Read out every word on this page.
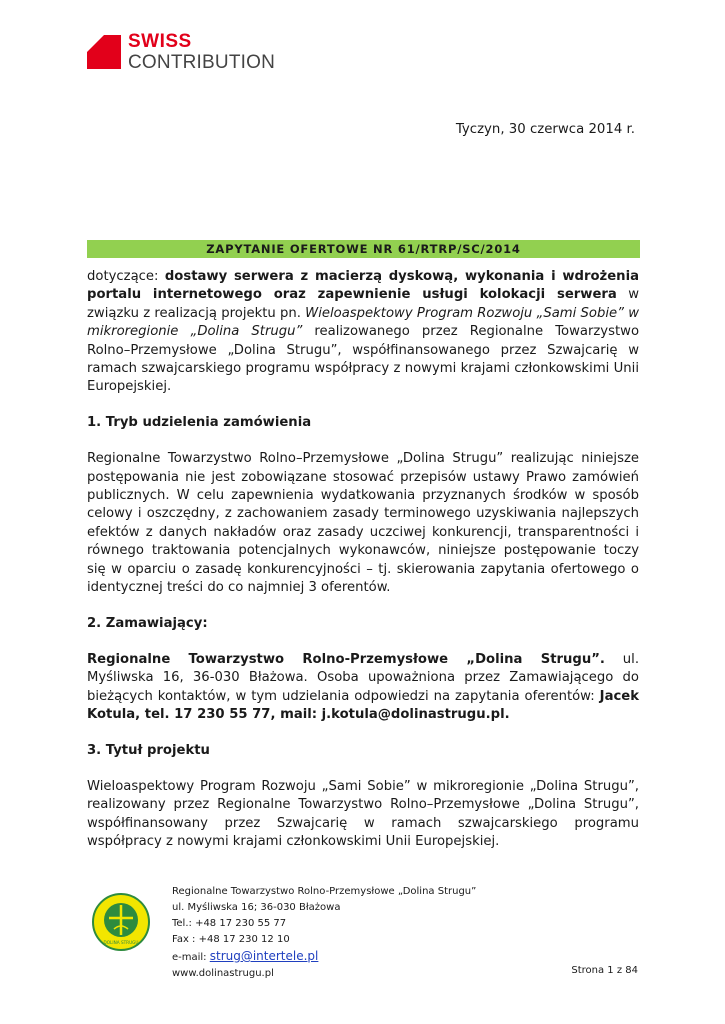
SWISS
CONTRIBUTION
Tyczyn, 30 czerwca 2014 r.
ZAPYTANIE OFERTOWE NR 61/RTRP/SC/2014

dotyczące: dostawy serwera z macierzą dyskową, wykonania i wdrożenia portalu internetowego oraz zapewnienie usługi kolokacji serwera w związku z realizacją projektu pn. Wieloaspektowy Program Rozwoju „Sami Sobie” w mikroregionie „Dolina Strugu” realizowanego przez Regionalne Towarzystwo Rolno–Przemysłowe „Dolina Strugu”, współfinansowanego przez Szwajcarię w ramach szwajcarskiego programu współpracy z nowymi krajami członkowskimi Unii Europejskiej.

1. Tryb udzielenia zamówienia

Regionalne Towarzystwo Rolno–Przemysłowe „Dolina Strugu” realizując niniejsze postępowania nie jest zobowiązane stosować przepisów ustawy Prawo zamówień publicznych. W celu zapewnienia wydatkowania przyznanych środków w sposób celowy i oszczędny, z zachowaniem zasady terminowego uzyskiwania najlepszych efektów z danych nakładów oraz zasady uczciwej konkurencji, transparentności i równego traktowania potencjalnych wykonawców, niniejsze postępowanie toczy się w oparciu o zasadę konkurencyjności – tj. skierowania zapytania ofertowego o identycznej treści do co najmniej 3 oferentów.

2. Zamawiający:

Regionalne Towarzystwo Rolno-Przemysłowe „Dolina Strugu”. ul. Myśliwska 16, 36-030 Błażowa. Osoba upoważniona przez Zamawiającego do bieżących kontaktów, w tym udzielania odpowiedzi na zapytania oferentów: Jacek Kotula, tel. 17 230 55 77, mail: j.kotula@dolinastrugu.pl.

3. Tytuł projektu

Wieloaspektowy Program Rozwoju „Sami Sobie” w mikroregionie „Dolina Strugu”, realizowany przez Regionalne Towarzystwo Rolno–Przemysłowe „Dolina Strugu”, współfinansowany przez Szwajcarię w ramach szwajcarskiego programu współpracy z nowymi krajami członkowskimi Unii Europejskiej.

DOLINA STRUGU
Regionalne Towarzystwo Rolno-Przemysłowe „Dolina Strugu”
ul. Myśliwska 16; 36-030 Błażowa
Tel.: +48 17 230 55 77
Fax : +48 17 230 12 10
e-mail: strug@intertele.pl
www.dolinastrugu.pl	Strona 1 z 84
